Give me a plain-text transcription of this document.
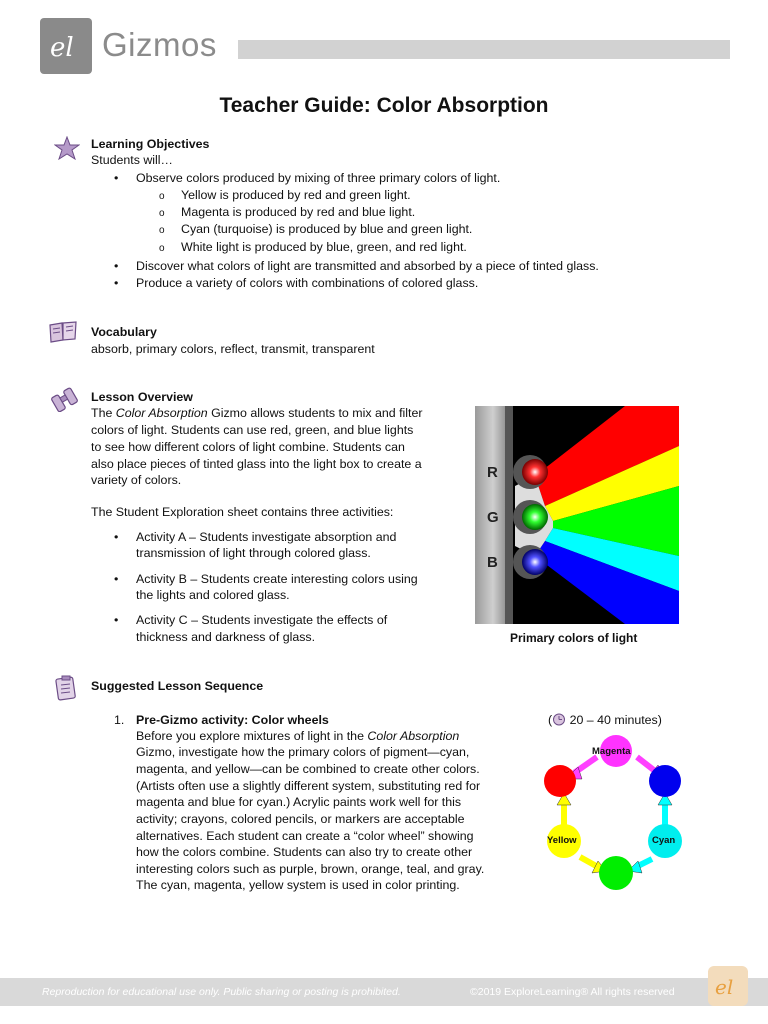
el Gizmos
Teacher Guide: Color Absorption
Learning Objectives
Students will…
• Observe colors produced by mixing of three primary colors of light.
o Yellow is produced by red and green light.
o Magenta is produced by red and blue light.
o Cyan (turquoise) is produced by blue and green light.
o White light is produced by blue, green, and red light.
• Discover what colors of light are transmitted and absorbed by a piece of tinted glass.
• Produce a variety of colors with combinations of colored glass.
Vocabulary
absorb, primary colors, reflect, transmit, transparent
Lesson Overview
The Color Absorption Gizmo allows students to mix and filter
colors of light. Students can use red, green, and blue lights
to see how different colors of light combine. Students can
also place pieces of tinted glass into the light box to create a
variety of colors.
The Student Exploration sheet contains three activities:
• Activity A – Students investigate absorption and
transmission of light through colored glass.
• Activity B – Students create interesting colors using
the lights and colored glass.
• Activity C – Students investigate the effects of
thickness and darkness of glass.
R
G
B
Primary colors of light
Suggested Lesson Sequence
1. Pre-Gizmo activity: Color wheels	( 20 – 40 minutes)
Before you explore mixtures of light in the Color Absorption
Gizmo, investigate how the primary colors of pigment—cyan,
magenta, and yellow—can be combined to create other colors.
(Artists often use a slightly different system, substituting red for
magenta and blue for cyan.) Acrylic paints work well for this
activity; crayons, colored pencils, or markers are acceptable
alternatives. Each student can create a “color wheel” showing
how the colors combine. Students can also try to create other
interesting colors such as purple, brown, orange, teal, and gray.
The cyan, magenta, yellow system is used in color printing.
Magenta
Yellow	Cyan
Reproduction for educational use only. Public sharing or posting is prohibited.	©2019 ExploreLearning® All rights reserved el
